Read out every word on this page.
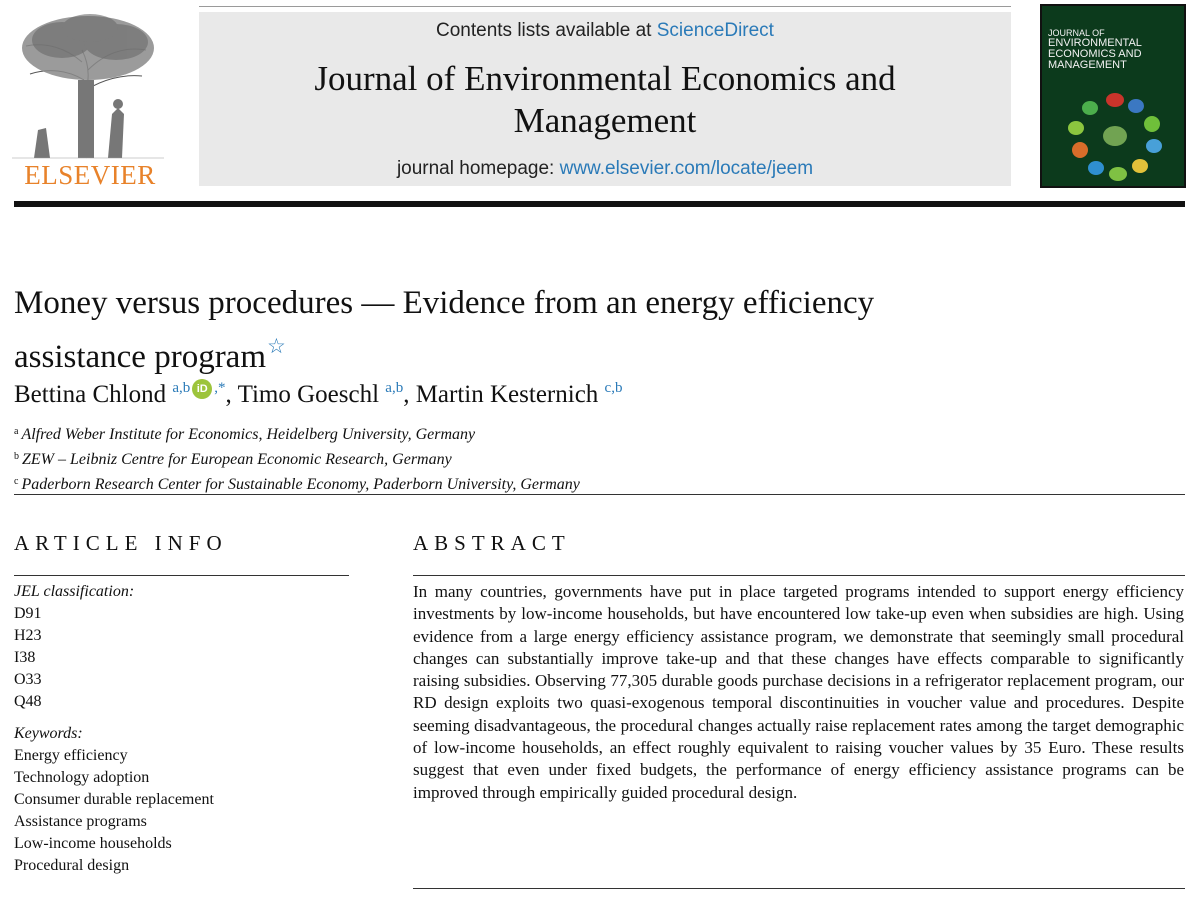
ELSEVIER
Contents lists available at ScienceDirect
Journal of Environmental Economics and
Management
journal homepage: www.elsevier.com/locate/jeem
JOURNAL OF
ENVIRONMENTAL
ECONOMICS AND
MANAGEMENT
Money versus procedures — Evidence from an energy efficiency
assistance program☆
Bettina Chlond $^{a,b}$ iD ,*, Timo Goeschl $^{a,b}$, Martin Kesternich $^{c,b}$
$^a$ Alfred Weber Institute for Economics, Heidelberg University, Germany
$^b$ ZEW – Leibniz Centre for European Economic Research, Germany
$^c$ Paderborn Research Center for Sustainable Economy, Paderborn University, Germany
ARTICLE INFO
JEL classification:
D91
H23
I38
O33
Q48
Keywords:
Energy efficiency
Technology adoption
Consumer durable replacement
Assistance programs
Low-income households
Procedural design
ABSTRACT
In many countries, governments have put in place targeted programs intended to support energy efficiency investments by low-income households, but have encountered low take-up even when subsidies are high. Using evidence from a large energy efficiency assistance program, we demonstrate that seemingly small procedural changes can substantially improve take-up and that these changes have effects comparable to significantly raising subsidies. Observing 77,305 durable goods purchase decisions in a refrigerator replacement program, our RD design exploits two quasi-exogenous temporal discontinuities in voucher value and procedures. Despite seeming disadvantageous, the procedural changes actually raise replacement rates among the target demographic of low-income households, an effect roughly equivalent to raising voucher values by 35 Euro. These results suggest that even under fixed budgets, the performance of energy efficiency assistance programs can be improved through empirically guided procedural design.
